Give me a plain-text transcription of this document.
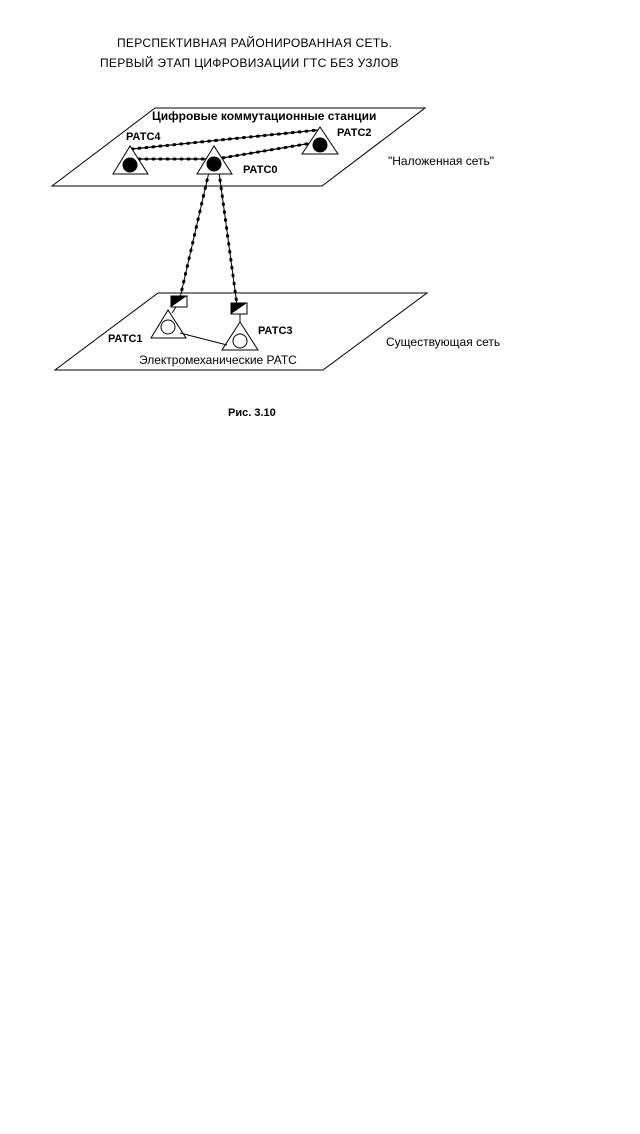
ПЕРСПЕКТИВНАЯ РАЙОНИРОВАННАЯ СЕТЬ.
ПЕРВЫЙ ЭТАП ЦИФРОВИЗАЦИИ ГТС БЕЗ УЗЛОВ
Цифровые коммутационные станции
"Наложенная сеть"
РАТС4	РАТС2
РАТС0
РАТС1
РАТС3
Электромеханические РАТС
Существующая сеть
Рис. 3.10
